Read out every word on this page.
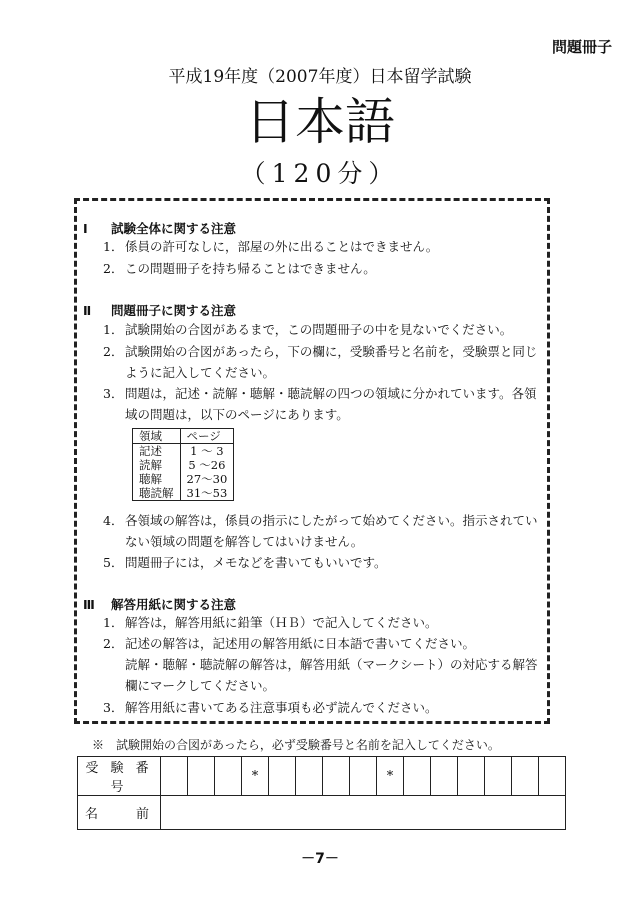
問題冊子
平成19年度（2007年度）日本留学試験
日本語
（120分）
Ⅰ 試験全体に関する注意
1． 係員の許可なしに，部屋の外に出ることはできません。
2． この問題冊子を持ち帰ることはできません。
Ⅱ 問題冊子に関する注意
1． 試験開始の合図があるまで，この問題冊子の中を見ないでください。
2． 試験開始の合図があったら，下の欄に，受験番号と名前を，受験票と同じ
ように記入してください。
3． 問題は，記述・読解・聴解・聴読解の四つの領域に分かれています。各領
域の問題は，以下のページにあります。
領域	ページ
記述	1 ～ 3
読解	5 ～26
聴解	27～30
聴読解	31～53
4． 各領域の解答は，係員の指示にしたがって始めてください。指示されてい
ない領域の問題を解答してはいけません。
5． 問題冊子には，メモなどを書いてもいいです。
Ⅲ 解答用紙に関する注意
1． 解答は，解答用紙に鉛筆（ＨＢ）で記入してください。
2． 記述の解答は，記述用の解答用紙に日本語で書いてください。
読解・聴解・聴読解の解答は，解答用紙（マークシート）の対応する解答
欄にマークしてください。
3． 解答用紙に書いてある注意事項も必ず読んでください。
※　試験開始の合図があったら，必ず受験番号と名前を記入してください。
受 験 番 号				*					*						
名　　前															
－7－
